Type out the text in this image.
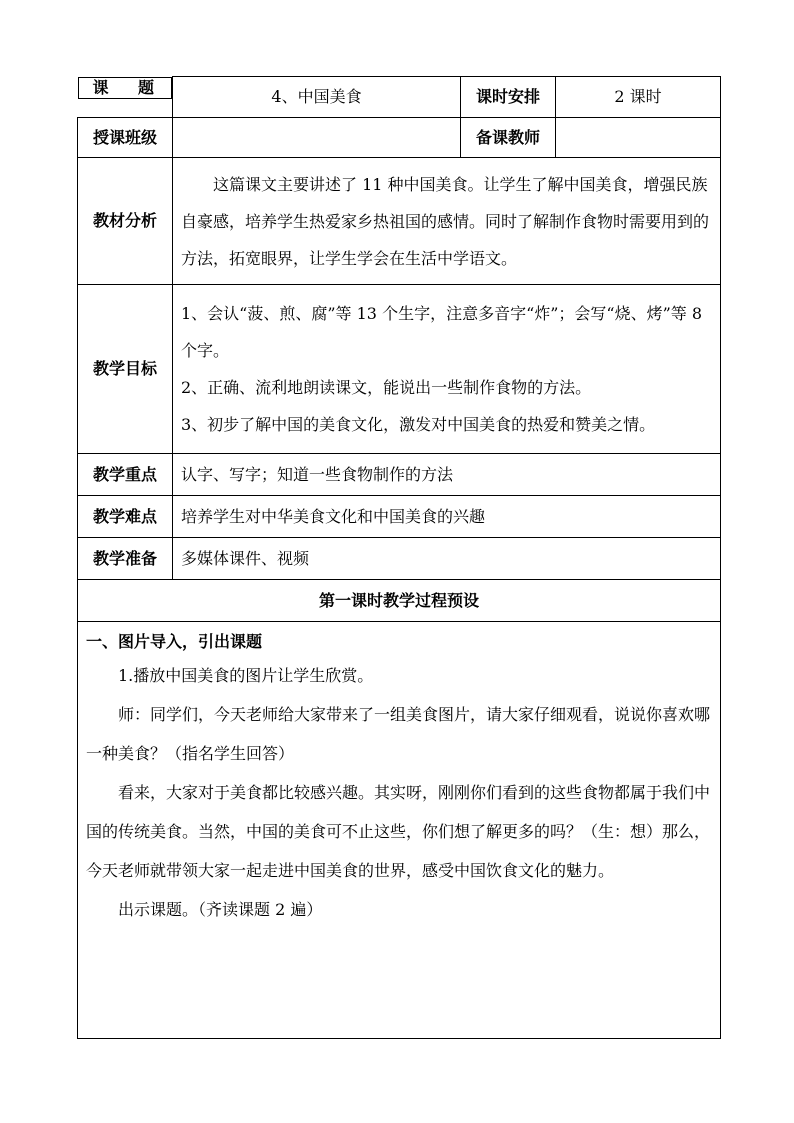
课 题	4、中国美食	课时安排	2 课时
授课班级		备课教师	
教材分析	这篇课文主要讲述了 11 种中国美食。让学生了解中国美食，增强民族自豪感，培养学生热爱家乡热祖国的感情。同时了解制作食物时需要用到的方法，拓宽眼界，让学生学会在生活中学语文。		

教学目标	1、会认“菠、煎、腐”等 13 个生字，注意多音字“炸”；会写“烧、烤”等 8 个字。

2、正确、流利地朗读课文，能说出一些制作食物的方法。

3、初步了解中国的美食文化，激发对中国美食的热爱和赞美之情。		

教学重点	认字、写字；知道一些食物制作的方法		
教学难点	培养学生对中华美食文化和中国美食的兴趣		
教学准备	多媒体课件、视频		
第一课时教学过程预设			

一、图片导入，引出课题

1.播放中国美食的图片让学生欣赏。

师：同学们，今天老师给大家带来了一组美食图片，请大家仔细观看，说说你喜欢哪一种美食？（指名学生回答）

看来，大家对于美食都比较感兴趣。其实呀，刚刚你们看到的这些食物都属于我们中国的传统美食。当然，中国的美食可不止这些，你们想了解更多的吗？（生：想）那么，今天老师就带领大家一起走进中国美食的世界，感受中国饮食文化的魅力。

出示课题。（齐读课题 2 遍）			
